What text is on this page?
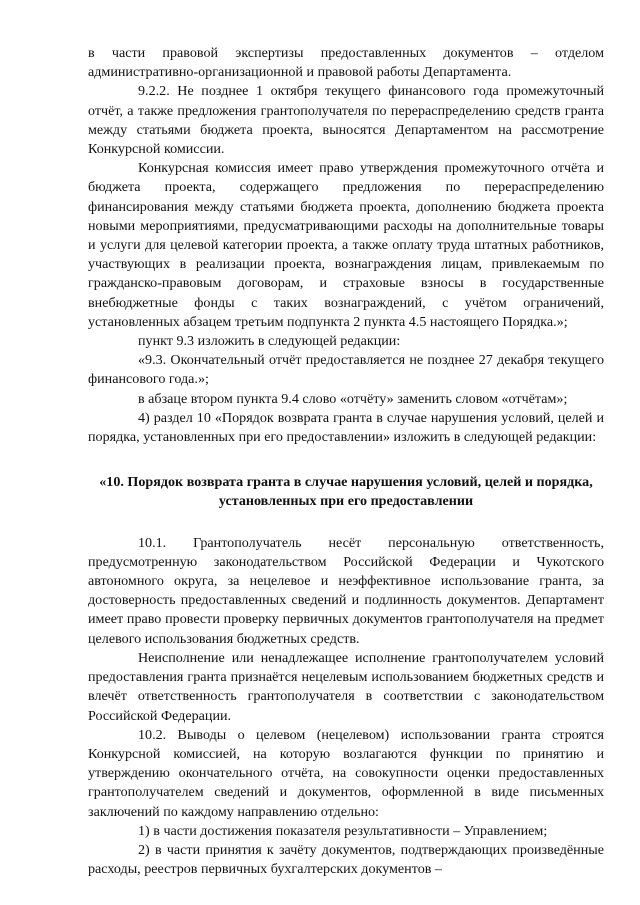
в части правовой экспертизы предоставленных документов – отделом административно-организационной и правовой работы Департамента.

9.2.2. Не позднее 1 октября текущего финансового года промежуточный отчёт, а также предложения грантополучателя по перераспределению средств гранта между статьями бюджета проекта, выносятся Департаментом на рассмотрение Конкурсной комиссии.

Конкурсная комиссия имеет право утверждения промежуточного отчёта и бюджета проекта, содержащего предложения по перераспределению финансирования между статьями бюджета проекта, дополнению бюджета проекта новыми мероприятиями, предусматривающими расходы на дополнительные товары и услуги для целевой категории проекта, а также оплату труда штатных работников, участвующих в реализации проекта, вознаграждения лицам, привлекаемым по гражданско-правовым договорам, и страховые взносы в государственные внебюджетные фонды с таких вознаграждений, с учётом ограничений, установленных абзацем третьим подпункта 2 пункта 4.5 настоящего Порядка.»;

пункт 9.3 изложить в следующей редакции:

«9.3. Окончательный отчёт предоставляется не позднее 27 декабря текущего финансового года.»;

в абзаце втором пункта 9.4 слово «отчёту» заменить словом «отчётам»;

4) раздел 10 «Порядок возврата гранта в случае нарушения условий, целей и порядка, установленных при его предоставлении» изложить в следующей редакции:

«10. Порядок возврата гранта в случае нарушения условий, целей и порядка, установленных при его предоставлении

10.1. Грантополучатель несёт персональную ответственность, предусмотренную законодательством Российской Федерации и Чукотского автономного округа, за нецелевое и неэффективное использование гранта, за достоверность предоставленных сведений и подлинность документов. Департамент имеет право провести проверку первичных документов грантополучателя на предмет целевого использования бюджетных средств.

Неисполнение или ненадлежащее исполнение грантополучателем условий предоставления гранта признаётся нецелевым использованием бюджетных средств и влечёт ответственность грантополучателя в соответствии с законодательством Российской Федерации.

10.2. Выводы о целевом (нецелевом) использовании гранта строятся Конкурсной комиссией, на которую возлагаются функции по принятию и утверждению окончательного отчёта, на совокупности оценки предоставленных грантополучателем сведений и документов, оформленной в виде письменных заключений по каждому направлению отдельно:

1) в части достижения показателя результативности – Управлением;

2) в части принятия к зачёту документов, подтверждающих произведённые расходы, реестров первичных бухгалтерских документов –
